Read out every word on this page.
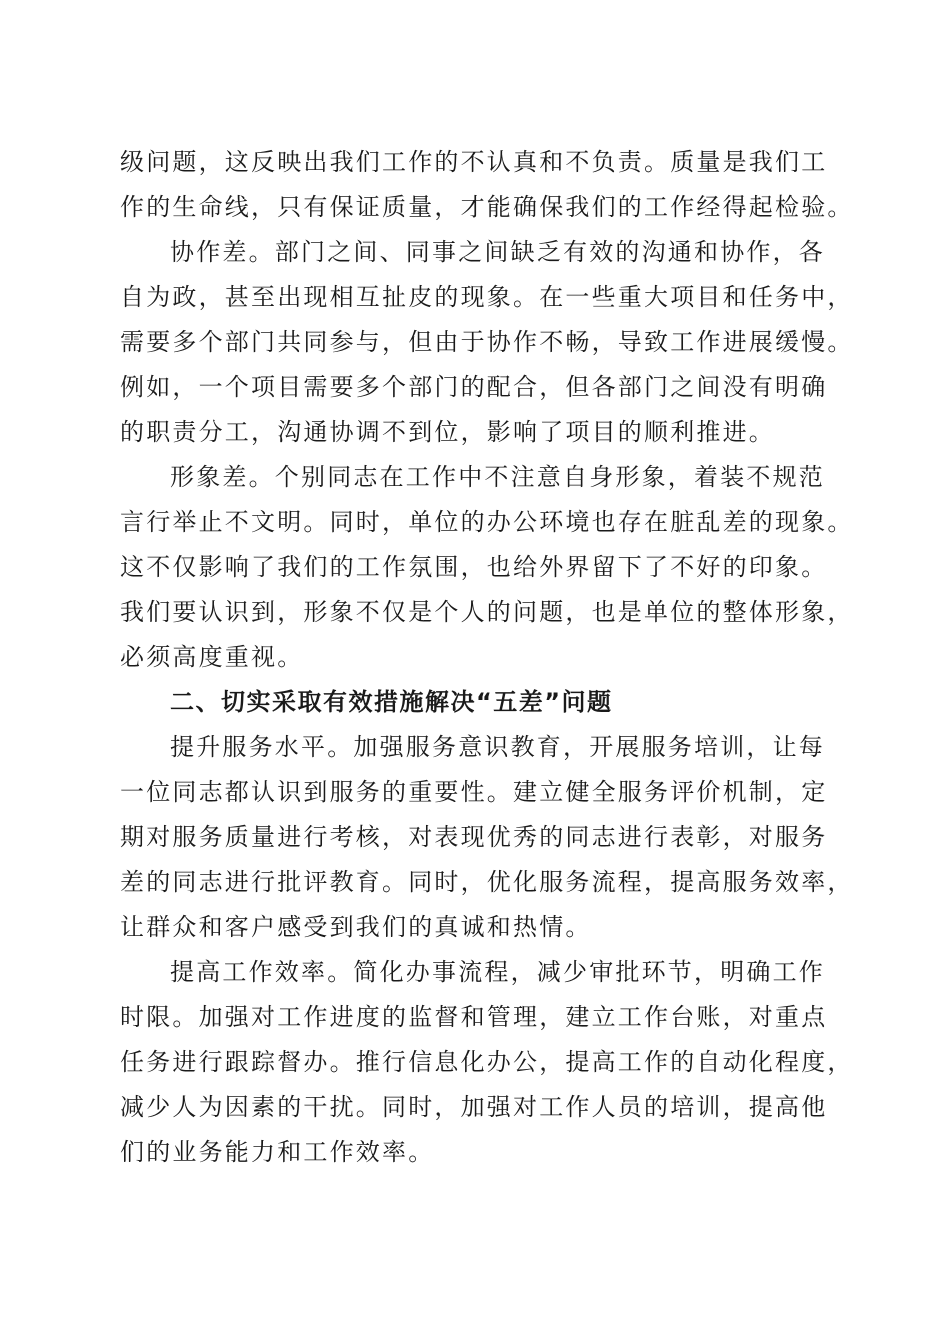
级问题，这反映出我们工作的不认真和不负责。质量是我们工
作的生命线，只有保证质量，才能确保我们的工作经得起检验。
协作差。部门之间、同事之间缺乏有效的沟通和协作，各
自为政，甚至出现相互扯皮的现象。在一些重大项目和任务中，
需要多个部门共同参与，但由于协作不畅，导致工作进展缓慢。
例如，一个项目需要多个部门的配合，但各部门之间没有明确
的职责分工，沟通协调不到位，影响了项目的顺利推进。
形象差。个别同志在工作中不注意自身形象，着装不规范
言行举止不文明。同时，单位的办公环境也存在脏乱差的现象。
这不仅影响了我们的工作氛围，也给外界留下了不好的印象。
我们要认识到，形象不仅是个人的问题，也是单位的整体形象，
必须高度重视。
二、切实采取有效措施解决“五差”问题
提升服务水平。加强服务意识教育，开展服务培训，让每
一位同志都认识到服务的重要性。建立健全服务评价机制，定
期对服务质量进行考核，对表现优秀的同志进行表彰，对服务
差的同志进行批评教育。同时，优化服务流程，提高服务效率，
让群众和客户感受到我们的真诚和热情。
提高工作效率。简化办事流程，减少审批环节，明确工作
时限。加强对工作进度的监督和管理，建立工作台账，对重点
任务进行跟踪督办。推行信息化办公，提高工作的自动化程度，
减少人为因素的干扰。同时，加强对工作人员的培训，提高他
们的业务能力和工作效率。
